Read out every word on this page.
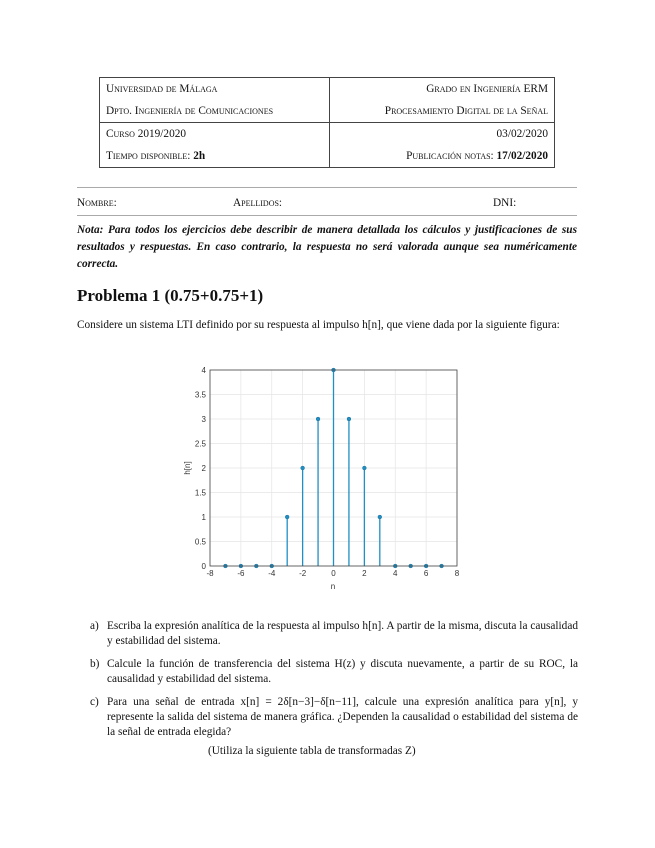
Universidad de Málaga	Grado en Ingeniería ERM
Dpto. Ingeniería de Comunicaciones	Procesamiento Digital de la Señal
Curso 2019/2020	03/02/2020
Tiempo disponible: 2h	Publicación notas: 17/02/2020
Nombre:	Apellidos:	DNI:
Nota: Para todos los ejercicios debe describir de manera detallada los cálculos y justificaciones de sus resultados y respuestas. En caso contrario, la respuesta no será valorada aunque sea numéricamente correcta.
Problema 1 (0.75+0.75+1)
Considere un sistema LTI definido por su respuesta al impulso h[n], que viene dada por la siguiente figura:
-8	-6	-4	-2	0	2	4	6	8
0
0.5
1
1.5
2
2.5
3
3.5
4
n
h[n]
a) Escriba la expresión analítica de la respuesta al impulso h[n]. A partir de la misma, discuta la causalidad y estabilidad del sistema.
b) Calcule la función de transferencia del sistema H(z) y discuta nuevamente, a partir de su ROC, la causalidad y estabilidad del sistema.
c) Para una señal de entrada x[n] = 2δ[n−3]−δ[n−11], calcule una expresión analítica para y[n], y represente la salida del sistema de manera gráfica. ¿Dependen la causalidad o estabilidad del sistema de la señal de entrada elegida?
(Utiliza la siguiente tabla de transformadas Z)
